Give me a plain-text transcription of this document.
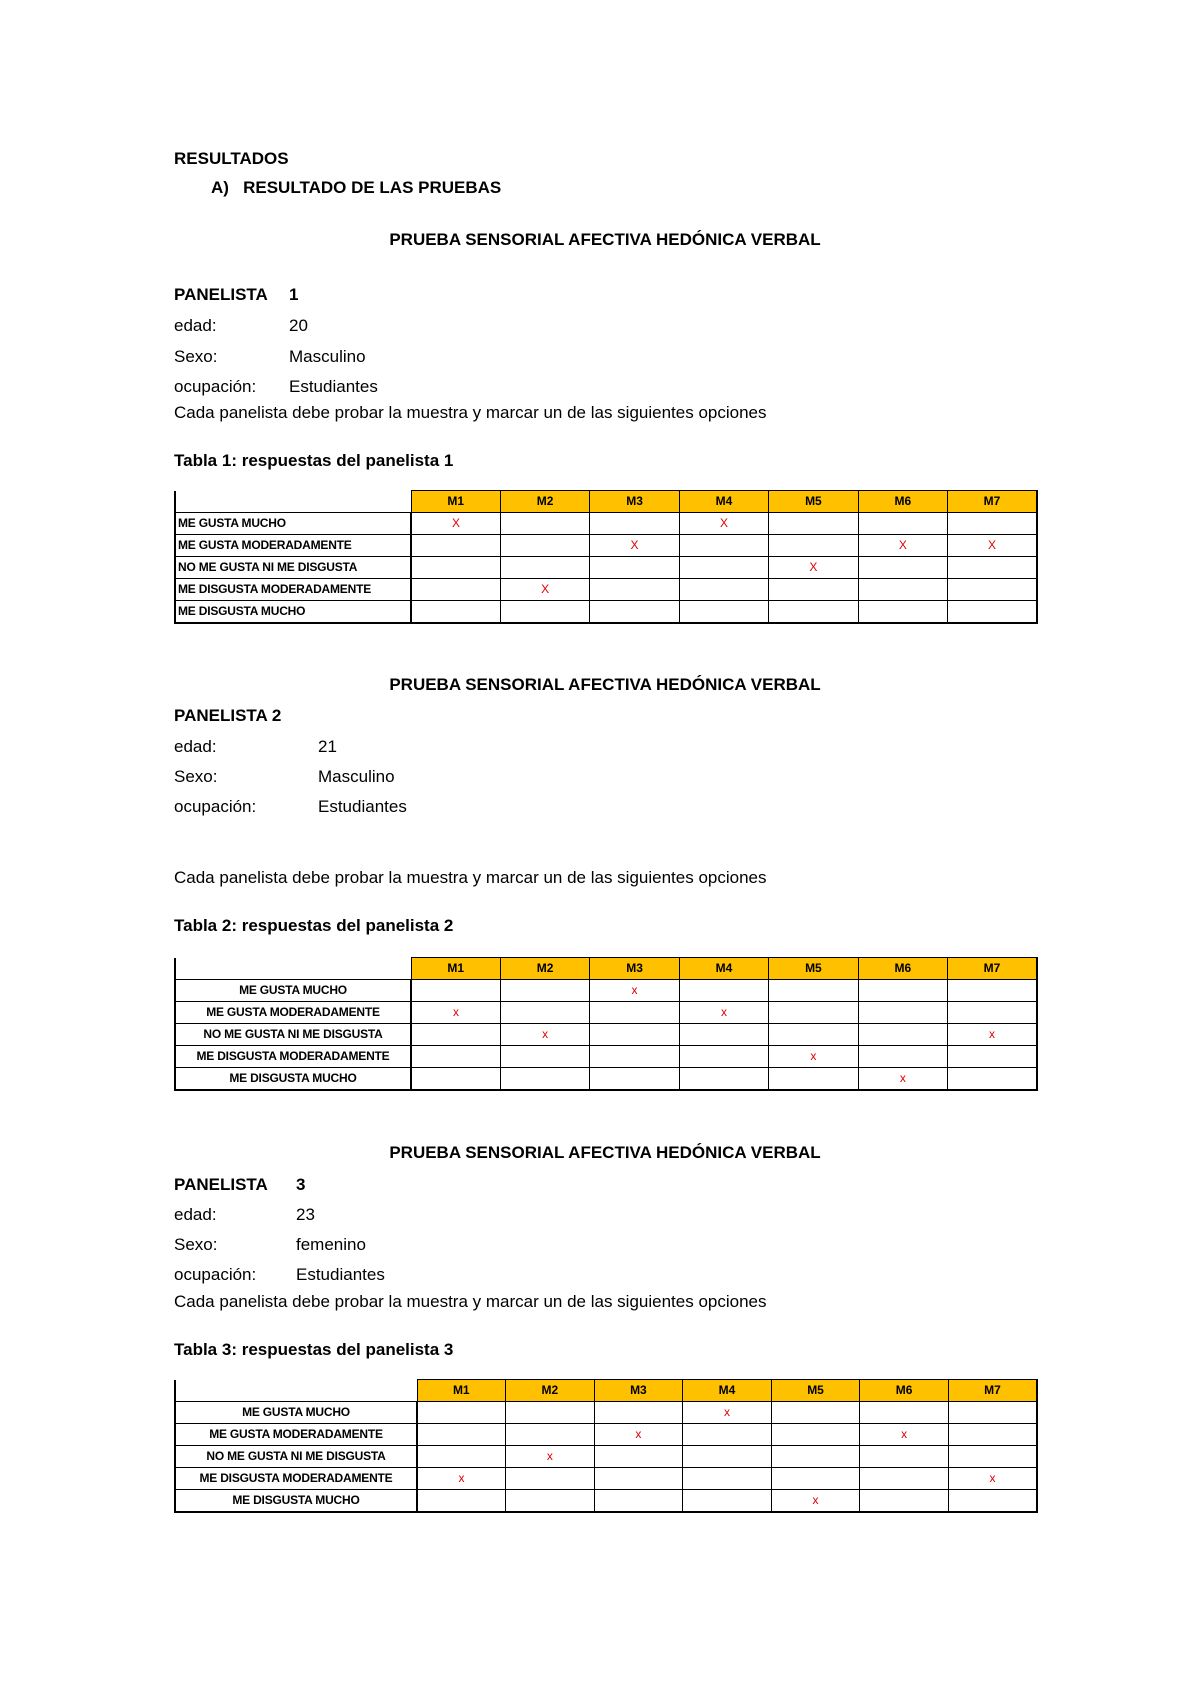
RESULTADOS
A)   RESULTADO DE LAS PRUEBAS
PRUEBA SENSORIAL AFECTIVA HEDÓNICA VERBAL
PANELISTA 1
edad:	20
Sexo:	Masculino
ocupación: Estudiantes
Cada panelista debe probar la muestra y marcar un de las siguientes opciones
Tabla 1: respuestas del panelista 1
	M1	M2	M3	M4	M5	M6	M7
ME GUSTA MUCHO	X			X			
ME GUSTA MODERADAMENTE			X			X	X
NO ME GUSTA NI ME DISGUSTA					X		
ME DISGUSTA MODERADAMENTE		X					
ME DISGUSTA MUCHO							
PRUEBA SENSORIAL AFECTIVA HEDÓNICA VERBAL
PANELISTA 2
edad:	21
Sexo:	Masculino
ocupación:	Estudiantes
Cada panelista debe probar la muestra y marcar un de las siguientes opciones
Tabla 2: respuestas del panelista 2
	M1	M2	M3	M4	M5	M6	M7
ME GUSTA MUCHO			x				
ME GUSTA MODERADAMENTE	x			x			
NO ME GUSTA NI ME DISGUSTA		x					x
ME DISGUSTA MODERADAMENTE					x		
ME DISGUSTA MUCHO						x	
PRUEBA SENSORIAL AFECTIVA HEDÓNICA VERBAL
PANELISTA 3
edad:	23
Sexo:	femenino
ocupación: Estudiantes
Cada panelista debe probar la muestra y marcar un de las siguientes opciones
Tabla 3: respuestas del panelista 3
	M1	M2	M3	M4	M5	M6	M7
ME GUSTA MUCHO				x			
ME GUSTA MODERADAMENTE			x			x	
NO ME GUSTA NI ME DISGUSTA		x					
ME DISGUSTA MODERADAMENTE	x						x
ME DISGUSTA MUCHO					x		
